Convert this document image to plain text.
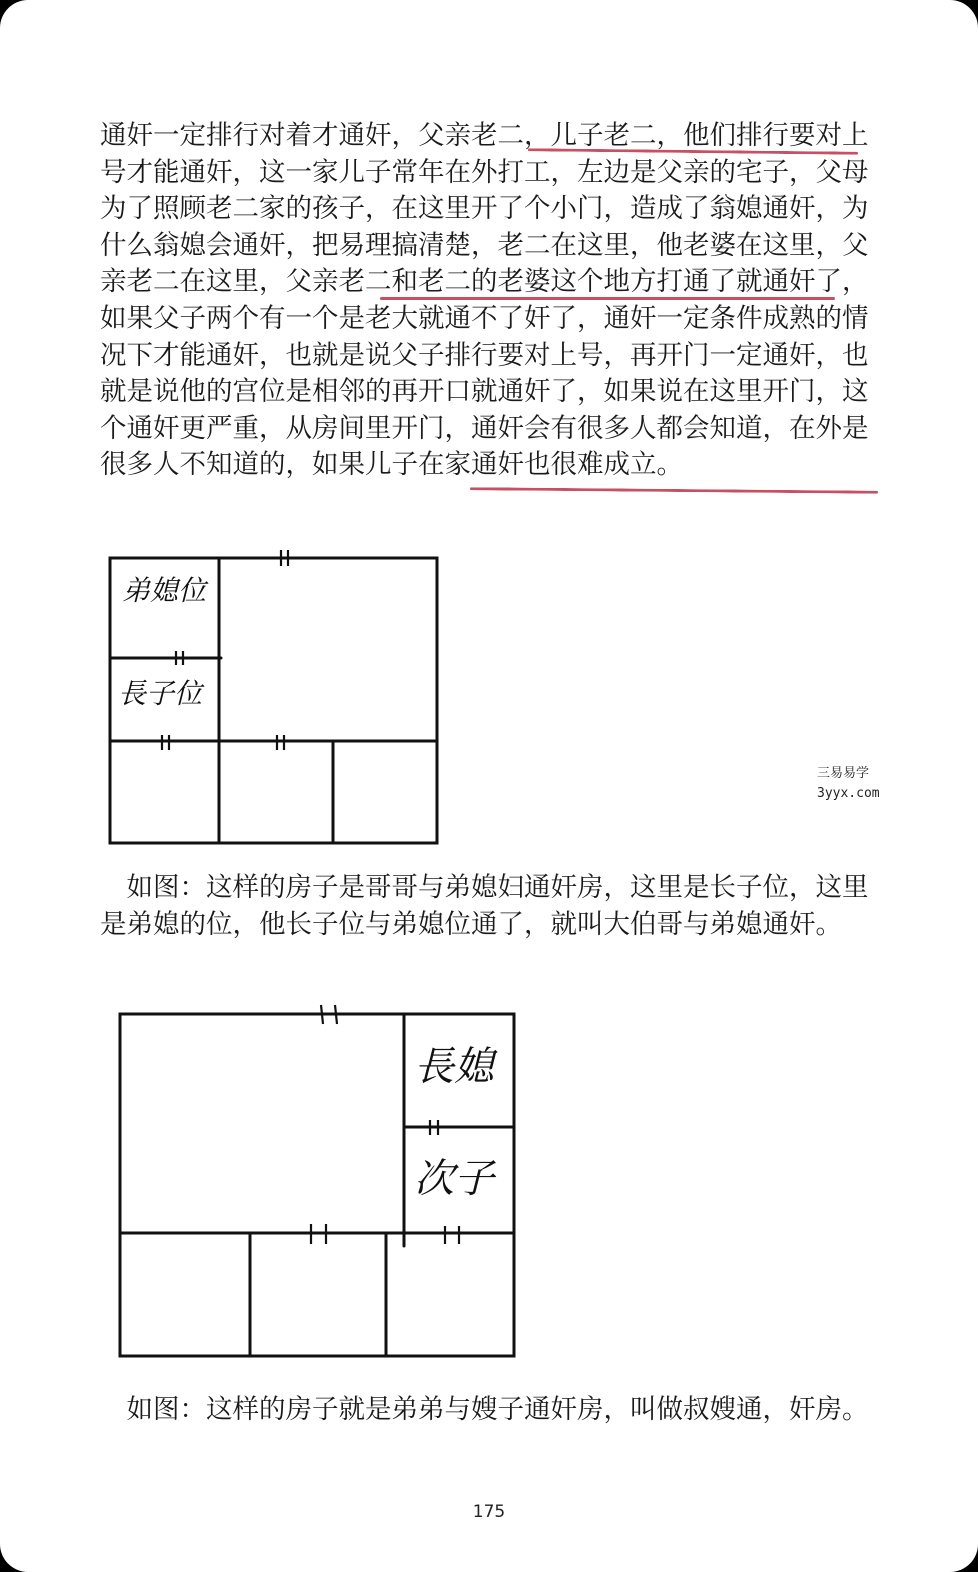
通奸一定排行对着才通奸，父亲老二，儿子老二，他们排行要对上号才能通奸，这一家儿子常年在外打工，左边是父亲的宅子，父母为了照顾老二家的孩子，在这里开了个小门，造成了翁媳通奸，为什么翁媳会通奸，把易理搞清楚，老二在这里，他老婆在这里，父亲老二在这里，父亲老二和老二的老婆这个地方打通了就通奸了，如果父子两个有一个是老大就通不了奸了，通奸一定条件成熟的情况下才能通奸，也就是说父子排行要对上号，再开门一定通奸，也就是说他的宫位是相邻的再开口就通奸了，如果说在这里开门，这个通奸更严重，从房间里开门，通奸会有很多人都会知道，在外是很多人不知道的，如果儿子在家通奸也很难成立。

弟媳位
長子位
三易易学
3yyx.com

　如图：这样的房子是哥哥与弟媳妇通奸房，这里是长子位，这里是弟媳的位，他长子位与弟媳位通了，就叫大伯哥与弟媳通奸。

長媳
次子

　如图：这样的房子就是弟弟与嫂子通奸房，叫做叔嫂通，奸房。

175
